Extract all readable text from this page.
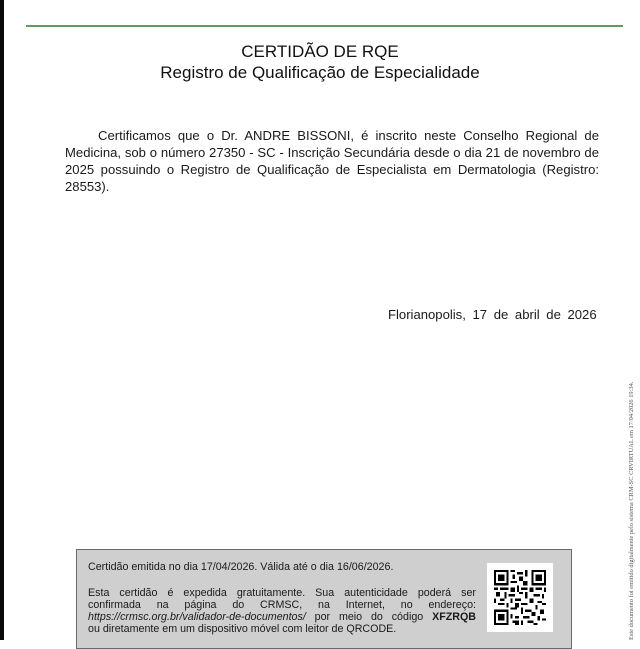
CERTIDÃO DE RQE
Registro de Qualificação de Especialidade
Certificamos que o Dr. ANDRE BISSONI, é inscrito neste Conselho Regional de Medicina, sob o número 27350 - SC - Inscrição Secundária desde o dia 21 de novembro de 2025 possuindo o Registro de Qualificação de Especialista em Dermatologia (Registro: 28553).
Florianopolis, 17 de abril de 2026
Este documento foi emitido digitalmente pelo sistema CRM-SC CRVIRTUAL em 17/04/2026 19:34.
Certidão emitida no dia 17/04/2026. Válida até o dia 16/06/2026.
Esta certidão é expedida gratuitamente. Sua autenticidade poderá ser
confirmada na página do CRMSC, na Internet, no endereço:
https://crmsc.org.br/validador-de-documentos/ por meio do código XFZRQB
ou diretamente em um dispositivo móvel com leitor de QRCODE.
